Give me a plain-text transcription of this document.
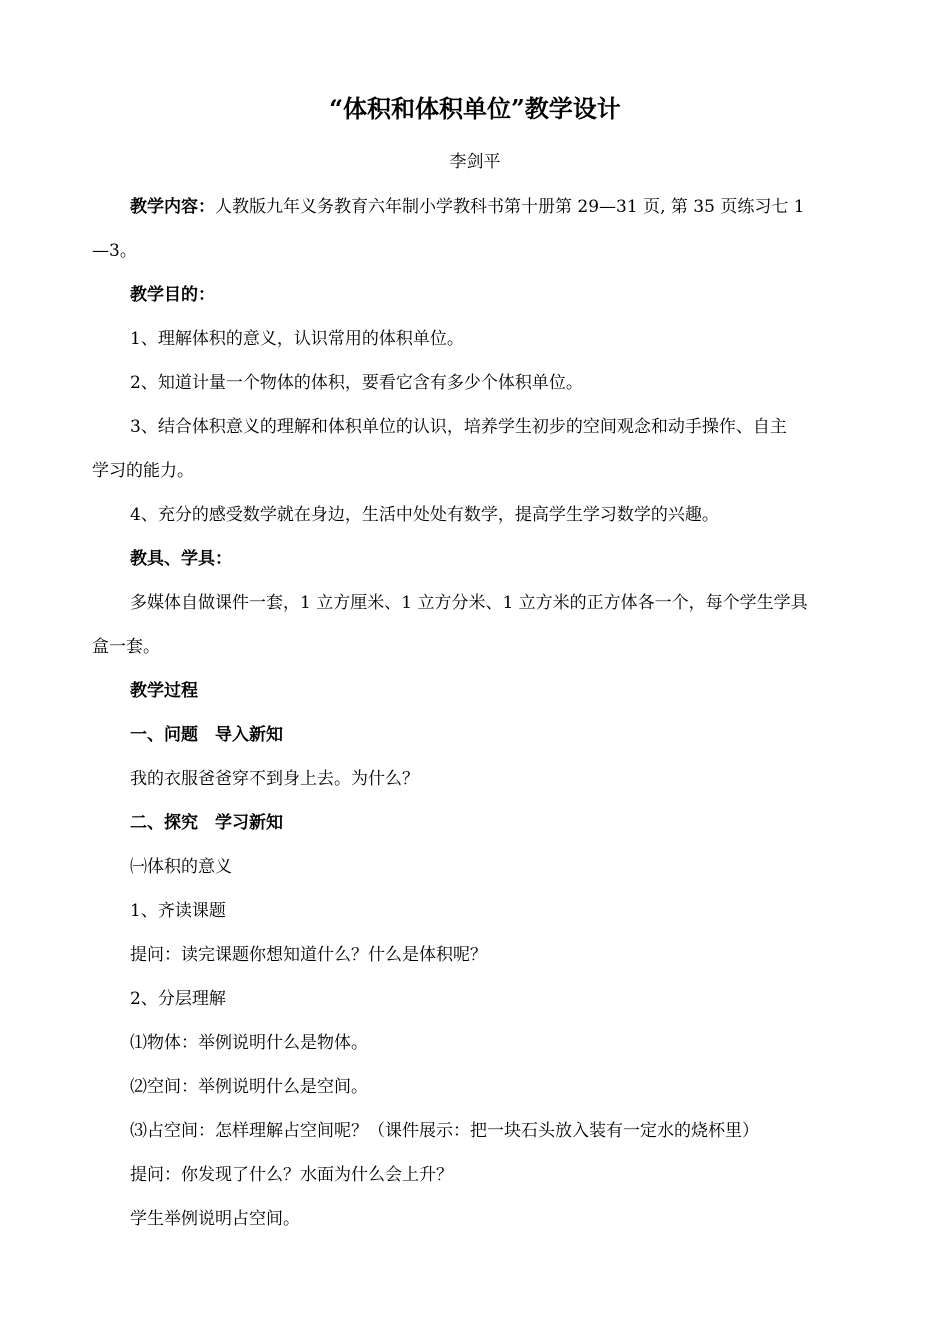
“体积和体积单位”教学设计
李剑平
教学内容：人教版九年义务教育六年制小学教科书第十册第 29—31 页, 第 35 页练习七 1
—3。
教学目的：
1、理解体积的意义，认识常用的体积单位。
2、知道计量一个物体的体积，要看它含有多少个体积单位。
3、结合体积意义的理解和体积单位的认识，培养学生初步的空间观念和动手操作、自主
学习的能力。
4、充分的感受数学就在身边，生活中处处有数学，提高学生学习数学的兴趣。
教具、学具：
多媒体自做课件一套，1 立方厘米、1 立方分米、1 立方米的正方体各一个，每个学生学具
盒一套。
教学过程
一、问题　导入新知
我的衣服爸爸穿不到身上去。为什么？
二、探究　学习新知
㈠体积的意义
1、齐读课题
提问：读完课题你想知道什么？什么是体积呢？
2、分层理解
⑴物体：举例说明什么是物体。
⑵空间：举例说明什么是空间。
⑶占空间：怎样理解占空间呢？（课件展示：把一块石头放入装有一定水的烧杯里）
提问：你发现了什么？水面为什么会上升？
学生举例说明占空间。
